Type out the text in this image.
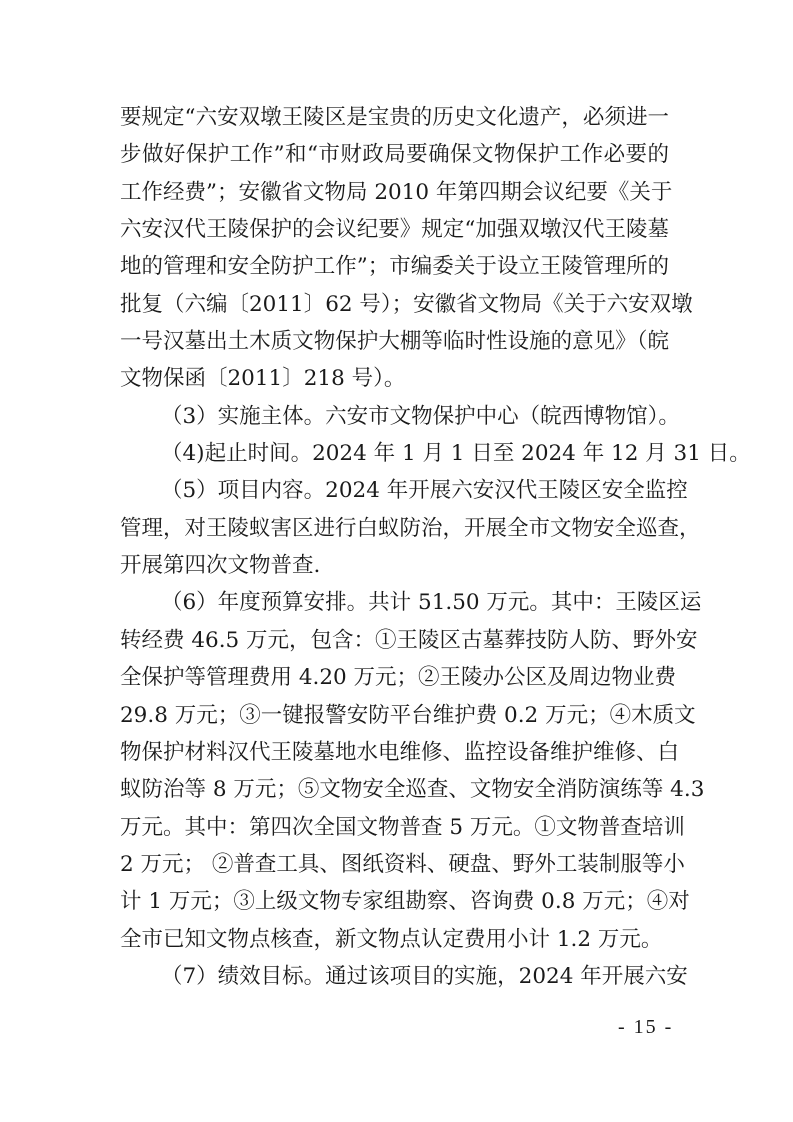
要规定“六安双墩王陵区是宝贵的历史文化遗产，必须进一
步做好保护工作”和“市财政局要确保文物保护工作必要的
工作经费”；安徽省文物局 2010 年第四期会议纪要《关于
六安汉代王陵保护的会议纪要》规定“加强双墩汉代王陵墓
地的管理和安全防护工作”；市编委关于设立王陵管理所的
批复（六编〔2011〕62 号）；安徽省文物局《关于六安双墩
一号汉墓出土木质文物保护大棚等临时性设施的意见》（皖
文物保函〔2011〕218 号）。
（3）实施主体。六安市文物保护中心（皖西博物馆）。
（4)起止时间。2024 年 1 月 1 日至 2024 年 12 月 31 日。
（5）项目内容。2024 年开展六安汉代王陵区安全监控
管理，对王陵蚁害区进行白蚁防治，开展全市文物安全巡查，
开展第四次文物普查.
（6）年度预算安排。共计 51.50 万元。其中：王陵区运
转经费 46.5 万元，包含：①王陵区古墓葬技防人防、野外安
全保护等管理费用 4.20 万元；②王陵办公区及周边物业费
29.8 万元；③一键报警安防平台维护费 0.2 万元；④木质文
物保护材料汉代王陵墓地水电维修、监控设备维护维修、白
蚁防治等 8 万元；⑤文物安全巡查、文物安全消防演练等 4.3
万元。其中：第四次全国文物普查 5 万元。①文物普查培训
2 万元； ②普查工具、图纸资料、硬盘、野外工装制服等小
计 1 万元；③上级文物专家组勘察、咨询费 0.8 万元；④对
全市已知文物点核查，新文物点认定费用小计 1.2 万元。
（7）绩效目标。通过该项目的实施，2024 年开展六安
- 15 -
